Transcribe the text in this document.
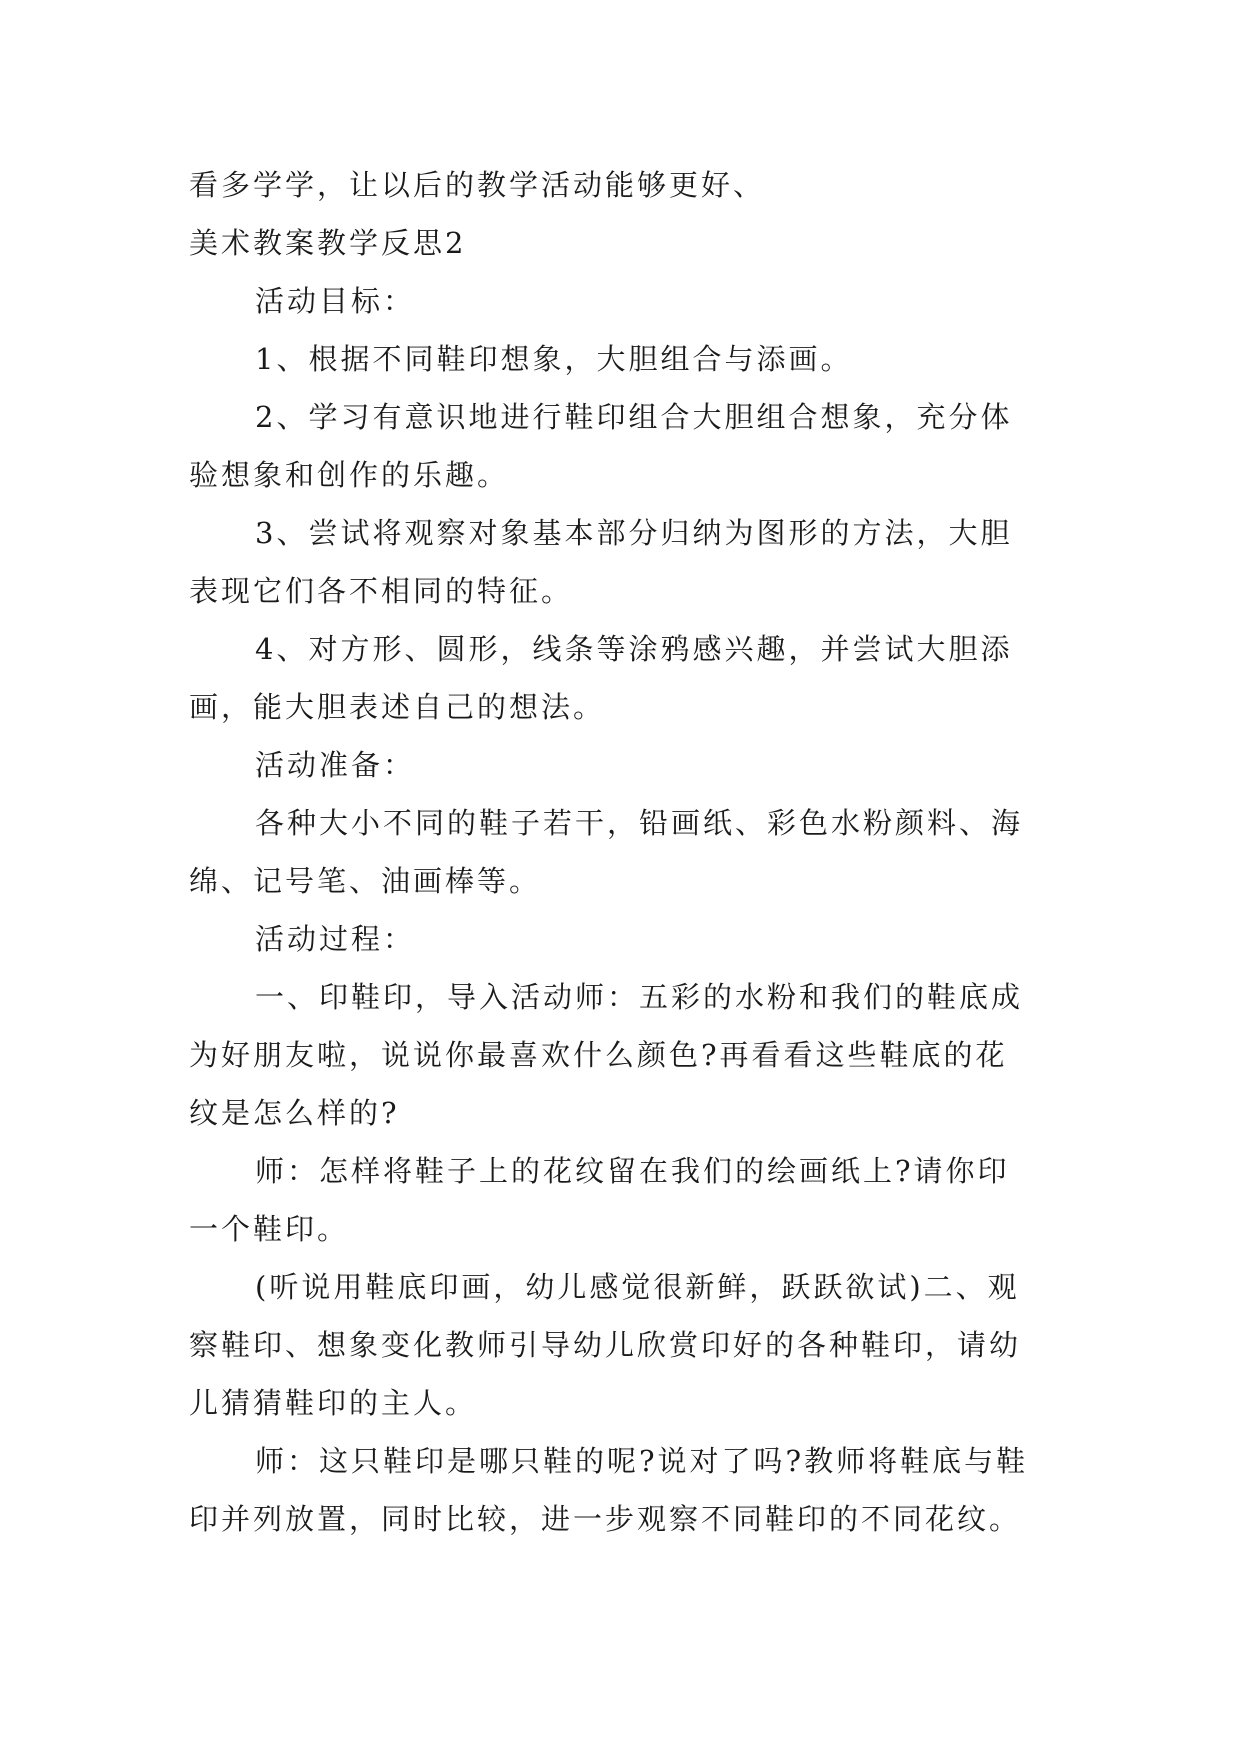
看多学学，让以后的教学活动能够更好、

美术教案教学反思2

活动目标：

1、根据不同鞋印想象，大胆组合与添画。

2、学习有意识地进行鞋印组合大胆组合想象，充分体

验想象和创作的乐趣。

3、尝试将观察对象基本部分归纳为图形的方法，大胆

表现它们各不相同的特征。

4、对方形、圆形，线条等涂鸦感兴趣，并尝试大胆添

画，能大胆表述自己的想法。

活动准备：

各种大小不同的鞋子若干，铅画纸、彩色水粉颜料、海

绵、记号笔、油画棒等。

活动过程：

一、印鞋印，导入活动师：五彩的水粉和我们的鞋底成

为好朋友啦，说说你最喜欢什么颜色?再看看这些鞋底的花

纹是怎么样的?

师：怎样将鞋子上的花纹留在我们的绘画纸上?请你印

一个鞋印。

(听说用鞋底印画，幼儿感觉很新鲜，跃跃欲试)二、观

察鞋印、想象变化教师引导幼儿欣赏印好的各种鞋印，请幼

儿猜猜鞋印的主人。

师：这只鞋印是哪只鞋的呢?说对了吗?教师将鞋底与鞋

印并列放置，同时比较，进一步观察不同鞋印的不同花纹。
